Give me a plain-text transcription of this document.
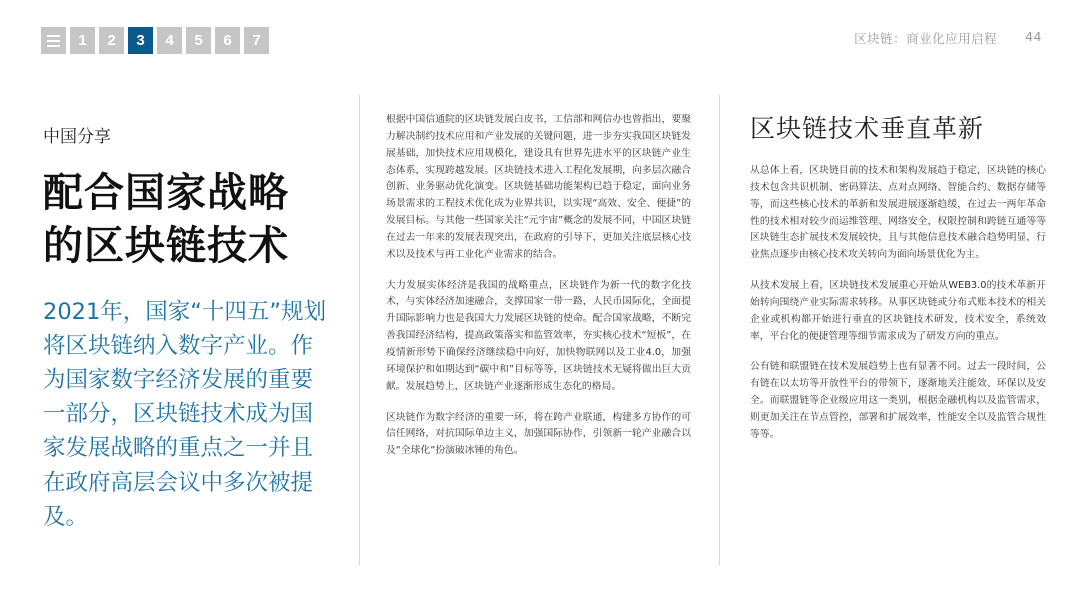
1	2	3	4	5	6	7	区块链：商业化应用启程 44
中国分享
配合国家战略
的区块链技术
2021年，国家“十四五”规划将区块链纳入数字产业。作为国家数字经济发展的重要一部分，区块链技术成为国家发展战略的重点之一并且在政府高层会议中多次被提及。

根据中国信通院的区块链发展白皮书，工信部和网信办也曾指出，要聚力解决制约技术应用和产业发展的关键问题，进一步夯实我国区块链发展基础，加快技术应用规模化，建设具有世界先进水平的区块链产业生态体系，实现跨越发展。区块链技术进入工程化发展期，向多层次融合创新、业务驱动优化演变。区块链基础功能架构已趋于稳定，面向业务场景需求的工程技术优化成为业界共识，以实现“高效、安全、便捷”的发展目标。与其他一些国家关注“元宇宙”概念的发展不同，中国区块链在过去一年来的发展表现突出，在政府的引导下，更加关注底层核心技术以及技术与再工业化产业需求的结合。

大力发展实体经济是我国的战略重点，区块链作为新一代的数字化技术，与实体经济加速融合，支撑国家一带一路，人民币国际化，全面提升国际影响力也是我国大力发展区块链的使命。配合国家战略，不断完善我国经济结构，提高政策落实和监管效率，夯实核心技术“短板”，在疫情新形势下确保经济继续稳中向好，加快物联网以及工业4.0，加强环境保护和如期达到“碳中和”目标等等，区块链技术无疑将做出巨大贡献。发展趋势上，区块链产业逐渐形成生态化的格局。

区块链作为数字经济的重要一环，将在跨产业联通，构建多方协作的可信任网络，对抗国际单边主义，加强国际协作，引领新一轮产业融合以及“全球化”扮演破冰锤的角色。

区块链技术垂直革新

从总体上看，区块链目前的技术和架构发展趋于稳定，区块链的核心技术包含共识机制、密码算法、点对点网络、智能合约、数据存储等等，而这些核心技术的革新和发展进展逐渐趋缓，在过去一两年革命性的技术相对较少而运维管理、网络安全，权限控制和跨链互通等等区块链生态扩展技术发展较快，且与其他信息技术融合趋势明显，行业焦点逐步由核心技术攻关转向为面向场景优化为主。

从技术发展上看，区块链技术发展重心开始从WEB3.0的技术革新开始转向围绕产业实际需求转移。从事区块链或分布式账本技术的相关企业或机构都开始进行垂直的区块链技术研发，技术安全，系统效率，平台化的便捷管理等细节需求成为了研发方向的重点。

公有链和联盟链在技术发展趋势上也有显著不同。过去一段时间，公有链在以太坊等开放性平台的带领下，逐渐地关注能效、环保以及安全。而联盟链等企业级应用这一类别，根据金融机构以及监管需求，则更加关注在节点管控，部署和扩展效率，性能安全以及监管合规性等等。
